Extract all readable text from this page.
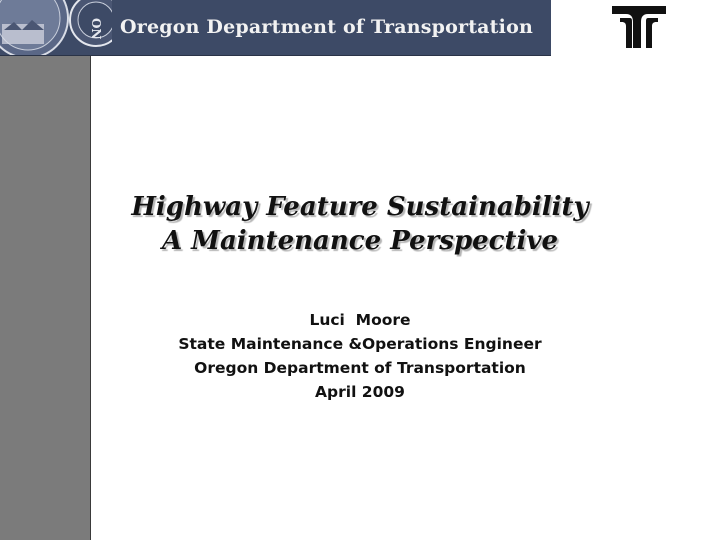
ON Oregon Department of Transportation
Highway Feature Sustainability
A Maintenance Perspective
Luci  Moore
State Maintenance &Operations Engineer
Oregon Department of Transportation
April 2009
